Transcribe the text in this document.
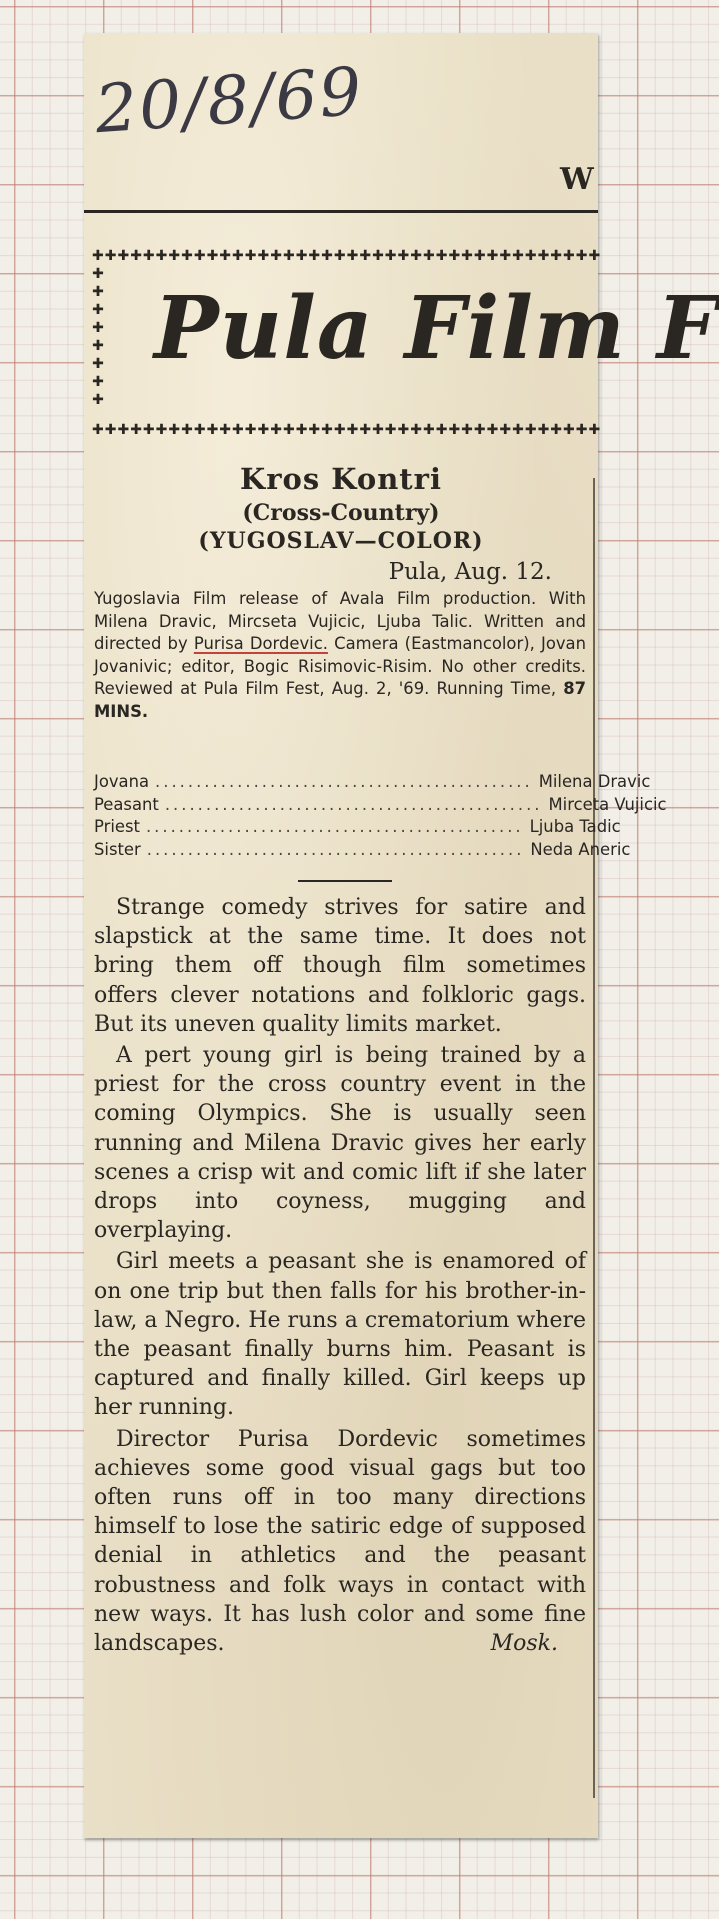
20/8/69
W
✚✚✚✚✚✚✚✚✚✚✚✚✚✚✚✚✚✚✚✚✚✚✚✚✚✚✚✚✚✚✚✚✚✚✚✚✚✚✚✚
✚ ✚ ✚ ✚ ✚ ✚ ✚ ✚
Pula Film F
✚✚✚✚✚✚✚✚✚✚✚✚✚✚✚✚✚✚✚✚✚✚✚✚✚✚✚✚✚✚✚✚✚✚✚✚✚✚✚✚
Kros Kontri
(Cross-Country)
(YUGOSLAV—COLOR)
Pula, Aug. 12.
Yugoslavia Film release of Avala Film production. With Milena Dravic, Mircseta Vujicic, Ljuba Talic. Written and directed by Purisa Dordevic. Camera (Eastmancolor), Jovan Jovanivic; editor, Bogic Risimovic-Risim. No other credits. Reviewed at Pula Film Fest, Aug. 2, '69. Running Time, 87 MINS.
Jovana .............................................. Milena Dravic
Peasant .............................................. Mirceta Vujicic
Priest .............................................. Ljuba Tadic
Sister .............................................. Neda Aneric

Strange comedy strives for satire and slapstick at the same time. It does not bring them off though film sometimes offers clever notations and folkloric gags. But its uneven quality limits market.

A pert young girl is being trained by a priest for the cross country event in the coming Olympics. She is usually seen running and Milena Dravic gives her early scenes a crisp wit and comic lift if she later drops into coyness, mugging and overplaying.

Girl meets a peasant she is enamored of on one trip but then falls for his brother-in-law, a Negro. He runs a crematorium where the peasant finally burns him. Peasant is captured and finally killed. Girl keeps up her running.

Director Purisa Dordevic sometimes achieves some good visual gags but too often runs off in too many directions himself to lose the satiric edge of supposed denial in athletics and the peasant robustness and folk ways in contact with new ways. It has lush color and some fine landscapes.	Mosk.
